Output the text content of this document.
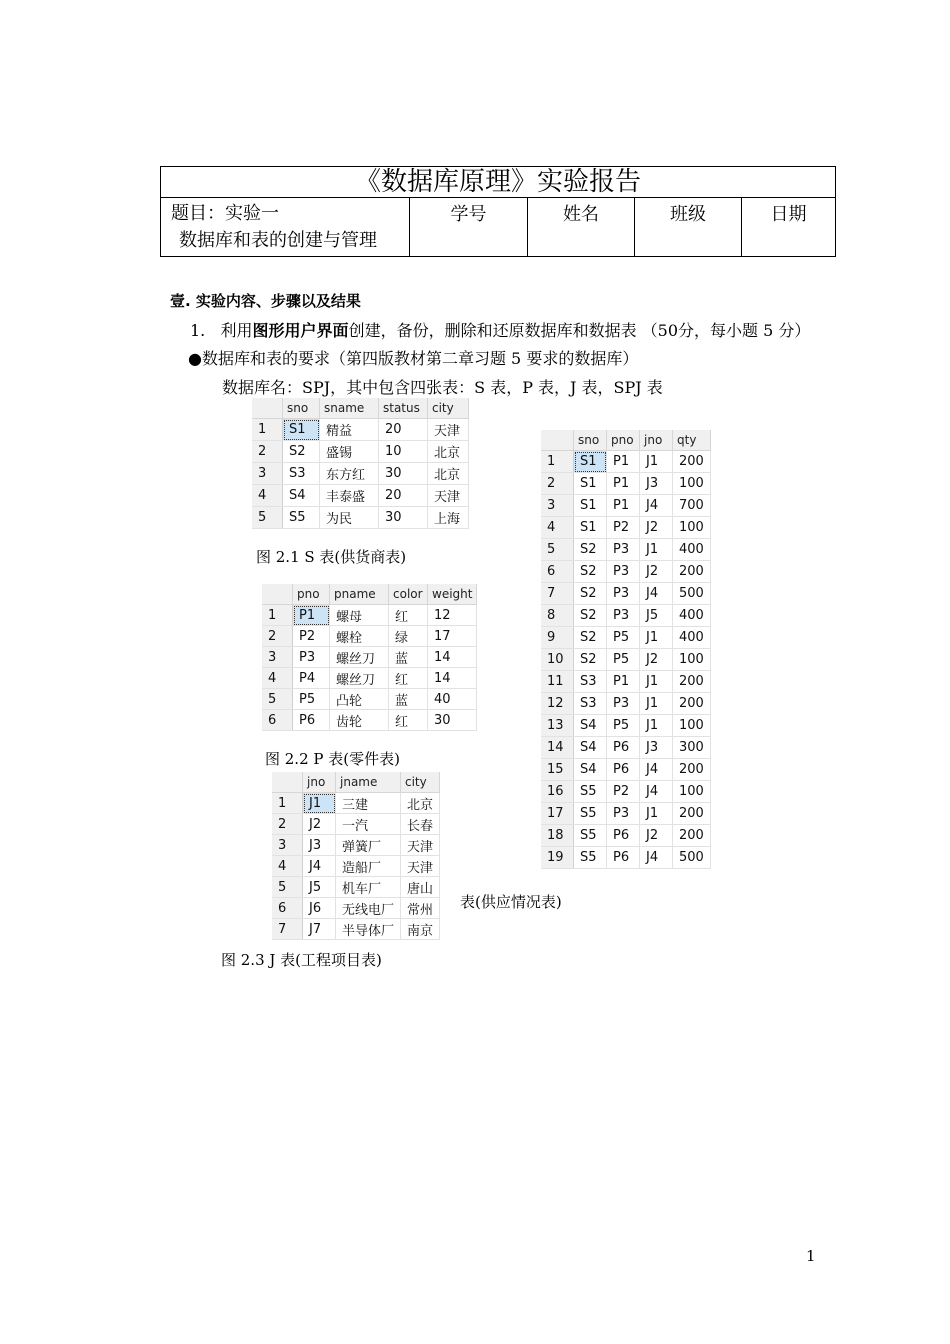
《数据库原理》实验报告
题目：实验一
数据库和表的创建与管理
学号	姓名	班级	日期
壹. 实验内容、步骤以及结果
1. 利用图形用户界面创建，备份，删除和还原数据库和数据表 （50分，每小题 5 分）
●数据库和表的要求（第四版教材第二章习题 5 要求的数据库）
数据库名：SPJ，其中包含四张表：S 表，P 表，J 表，SPJ 表
	sno	sname	status	city
1	S1	精益	20	天津
2	S2	盛锡	10	北京
3	S3	东方红	30	北京
4	S4	丰泰盛	20	天津
5	S5	为民	30	上海
图 2.1 S 表(供货商表)
	pno	pname	color	weight
1	P1	螺母	红	12
2	P2	螺栓	绿	17
3	P3	螺丝刀	蓝	14
4	P4	螺丝刀	红	14
5	P5	凸轮	蓝	40
6	P6	齿轮	红	30
图 2.2 P 表(零件表)
	jno	jname	city
1	J1	三建	北京
2	J2	一汽	长春
3	J3	弹簧厂	天津
4	J4	造船厂	天津
5	J5	机车厂	唐山
6	J6	无线电厂	常州
7	J7	半导体厂	南京
图 2.3 J 表(工程项目表)
	sno	pno	jno	qty
1	S1	P1	J1	200
2	S1	P1	J3	100
3	S1	P1	J4	700
4	S1	P2	J2	100
5	S2	P3	J1	400
6	S2	P3	J2	200
7	S2	P3	J4	500
8	S2	P3	J5	400
9	S2	P5	J1	400
10	S2	P5	J2	100
11	S3	P1	J1	200
12	S3	P3	J1	200
13	S4	P5	J1	100
14	S4	P6	J3	300
15	S4	P6	J4	200
16	S5	P2	J4	100
17	S5	P3	J1	200
18	S5	P6	J2	200
19	S5	P6	J4	500
表(供应情况表)
1
